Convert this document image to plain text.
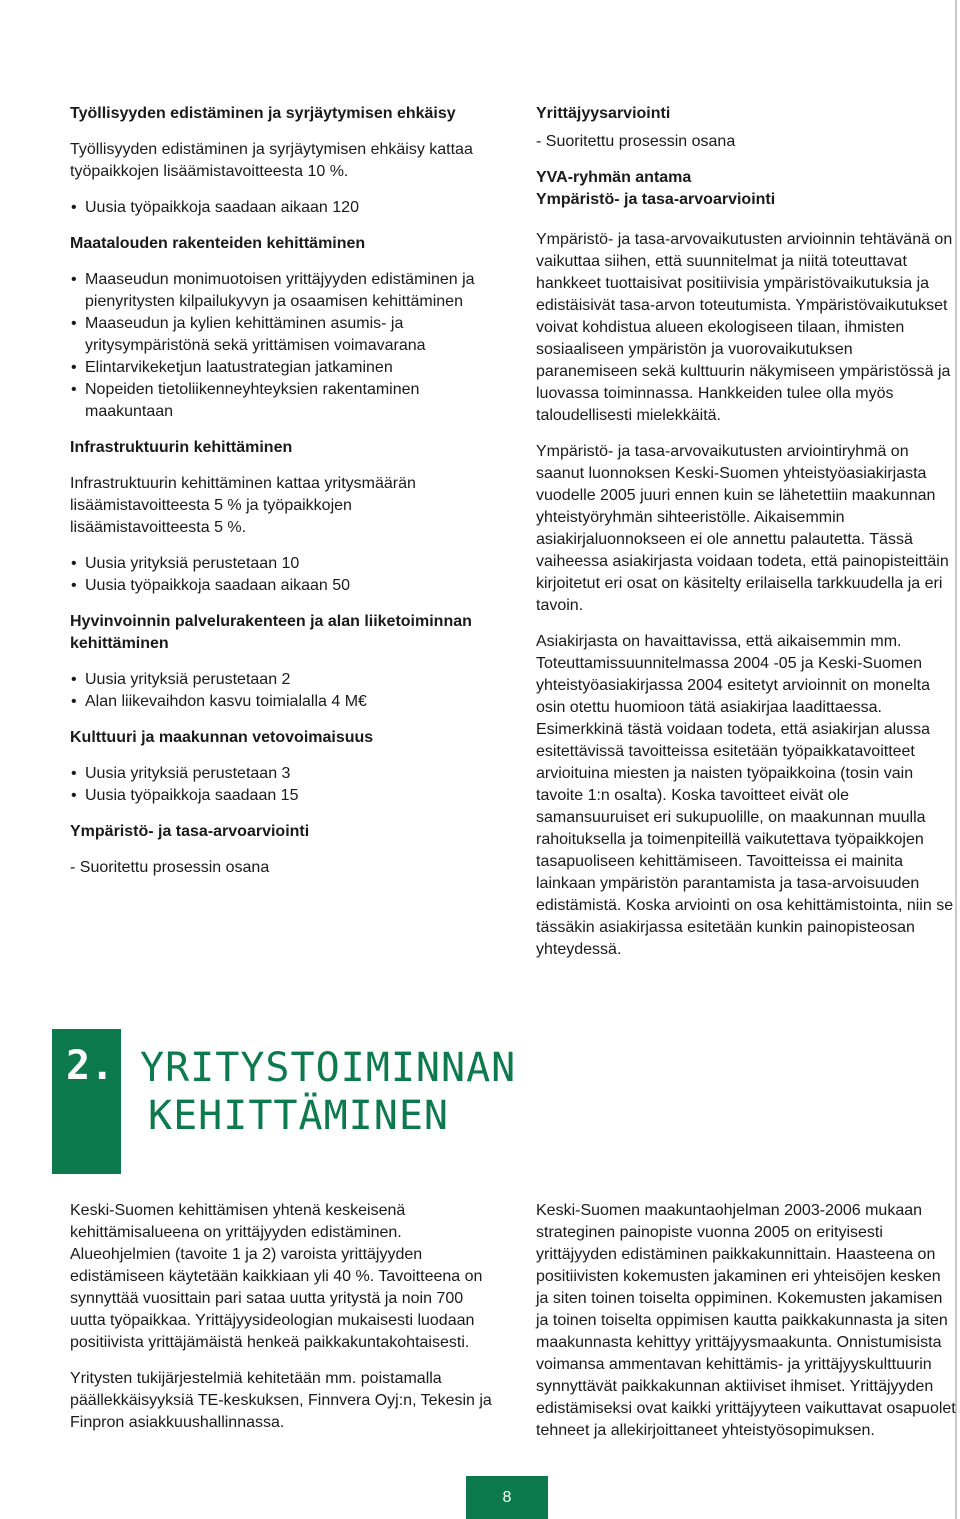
Työllisyyden edistäminen ja syrjäytymisen ehkäisy

Työllisyyden edistäminen ja syrjäytymisen ehkäisy kattaa työpaikkojen lisäämistavoitteesta 10 %.

• Uusia työpaikkoja saadaan aikaan 120
Maatalouden rakenteiden kehittäminen
• Maaseudun monimuotoisen yrittäjyyden edistäminen ja pienyritysten kilpailukyvyn ja osaamisen kehittäminen
• Maaseudun ja kylien kehittäminen asumis- ja yritysympäristönä sekä yrittämisen voimavarana
• Elintarvikeketjun laatustrategian jatkaminen
• Nopeiden tietoliikenneyhteyksien rakentaminen maakuntaan
Infrastruktuurin kehittäminen

Infrastruktuurin kehittäminen kattaa yritysmäärän lisäämistavoitteesta 5 % ja työpaikkojen lisäämistavoitteesta 5 %.

• Uusia yrityksiä perustetaan 10
• Uusia työpaikkoja saadaan aikaan 50
Hyvinvoinnin palvelurakenteen ja alan liiketoiminnan kehittäminen
• Uusia yrityksiä perustetaan 2
• Alan liikevaihdon kasvu toimialalla 4 M€
Kulttuuri ja maakunnan vetovoimaisuus
• Uusia yrityksiä perustetaan 3
• Uusia työpaikkoja saadaan 15
Ympäristö- ja tasa-arvoarviointi

- Suoritettu prosessin osana

Yrittäjyysarviointi

- Suoritettu prosessin osana

YVA-ryhmän antama
Ympäristö- ja tasa-arvoarviointi

Ympäristö- ja tasa-arvovaikutusten arvioinnin tehtävänä on vaikuttaa siihen, että suunnitelmat ja niitä toteuttavat hankkeet tuottaisivat positiivisia ympäristövaikutuksia ja edistäisivät tasa-arvon toteutumista. Ympäristövaikutukset voivat kohdistua alueen ekologiseen tilaan, ihmisten sosiaaliseen ympäristön ja vuorovaikutuksen paranemiseen sekä kulttuurin näkymiseen ympäristössä ja luovassa toiminnassa. Hankkeiden tulee olla myös taloudellisesti mielekkäitä.

Ympäristö- ja tasa-arvovaikutusten arviointiryhmä on saanut luonnoksen Keski-Suomen yhteistyöasiakirjasta vuodelle 2005 juuri ennen kuin se lähetettiin maakunnan yhteistyöryhmän sihteeristölle. Aikaisemmin asiakirjaluonnokseen ei ole annettu palautetta. Tässä vaiheessa asiakirjasta voidaan todeta, että painopisteittäin kirjoitetut eri osat on käsitelty erilaisella tarkkuudella ja eri tavoin.

Asiakirjasta on havaittavissa, että aikaisemmin mm. Toteuttamissuunnitelmassa 2004 -05 ja Keski-Suomen yhteistyöasiakirjassa 2004 esitetyt arvioinnit on monelta osin otettu huomioon tätä asiakirjaa laadittaessa. Esimerkkinä tästä voidaan todeta, että asiakirjan alussa esitettävissä tavoitteissa esitetään työpaikkatavoitteet arvioituina miesten ja naisten työpaikkoina (tosin vain tavoite 1:n osalta). Koska tavoitteet eivät ole samansuuruiset eri sukupuolille, on maakunnan muulla rahoituksella ja toimenpiteillä vaikutettava työpaikkojen tasapuoliseen kehittämiseen. Tavoitteissa ei mainita lainkaan ympäristön parantamista ja tasa-arvoisuuden edistämistä. Koska arviointi on osa kehittämistointa, niin se tässäkin asiakirjassa esitetään kunkin painopisteosan yhteydessä.

2. YRITYSTOIMINNAN
KEHITTÄMINEN

Keski-Suomen kehittämisen yhtenä keskeisenä kehittämisalueena on yrittäjyyden edistäminen. Alueohjelmien (tavoite 1 ja 2) varoista yrittäjyyden edistämiseen käytetään kaikkiaan yli 40 %. Tavoitteena on synnyttää vuosittain pari sataa uutta yritystä ja noin 700 uutta työpaikkaa. Yrittäjyysideologian mukaisesti luodaan positiivista yrittäjämäistä henkeä paikkakuntakohtaisesti.

Yritysten tukijärjestelmiä kehitetään mm. poistamalla päällekkäisyyksiä TE-keskuksen, Finnvera Oyj:n, Tekesin ja Finpron asiakkuushallinnassa.

Keski-Suomen maakuntaohjelman 2003-2006 mukaan strateginen painopiste vuonna 2005 on erityisesti yrittäjyyden edistäminen paikkakunnittain. Haasteena on positiivisten kokemusten jakaminen eri yhteisöjen kesken ja siten toinen toiselta oppiminen. Kokemusten jakamisen ja toinen toiselta oppimisen kautta paikkakunnasta ja siten maakunnasta kehittyy yrittäjyysmaakunta. Onnistumisista voimansa ammentavan kehittämis- ja yrittäjyyskulttuurin synnyttävät paikkakunnan aktiiviset ihmiset. Yrittäjyyden edistämiseksi ovat kaikki yrittäjyyteen vaikuttavat osapuolet tehneet ja allekirjoittaneet yhteistyösopimuksen.

8
